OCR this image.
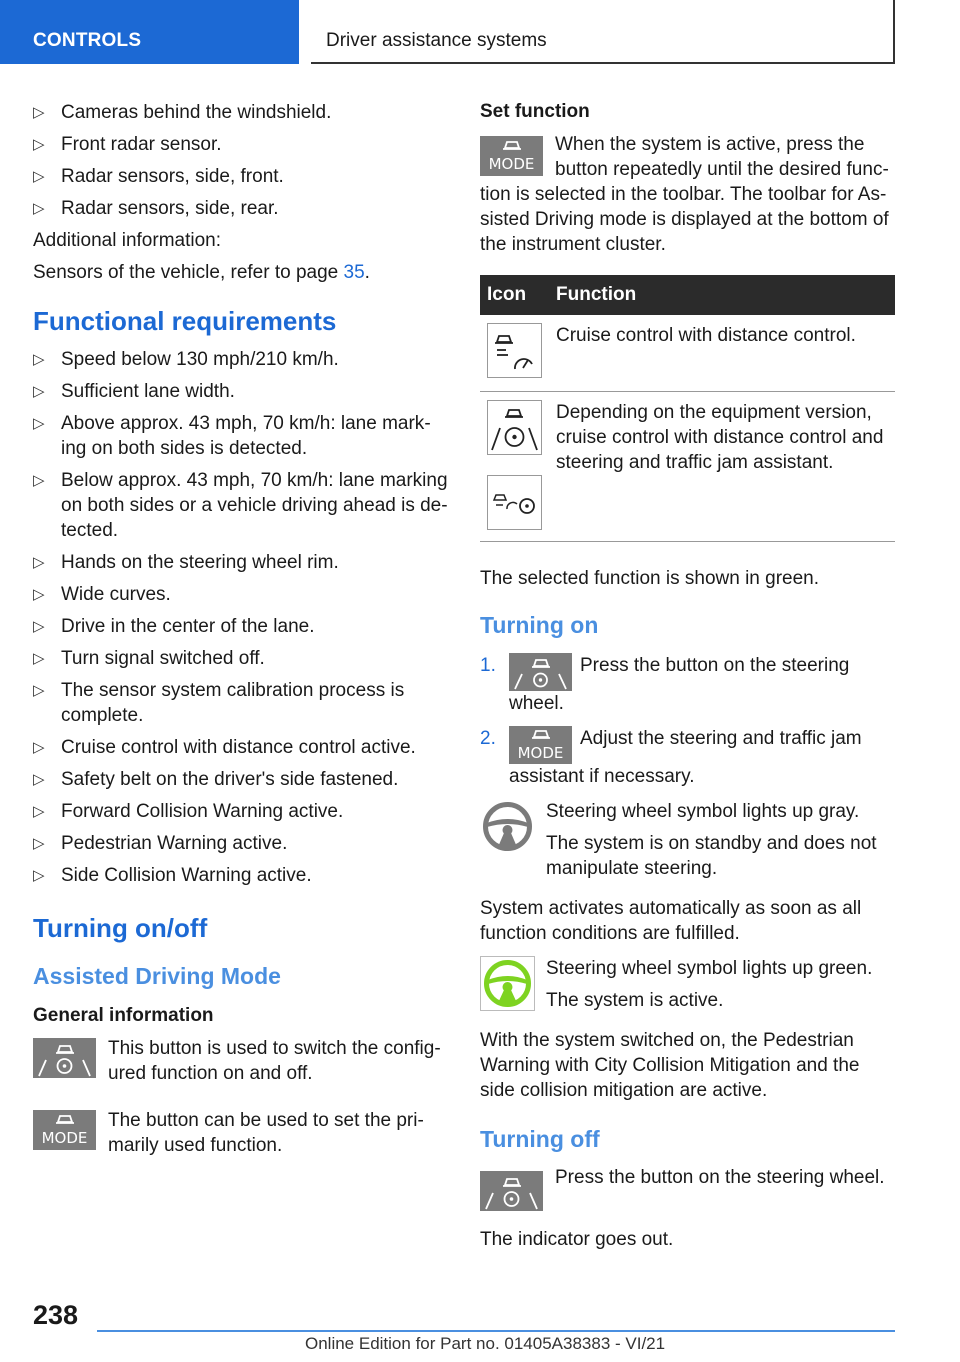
CONTROLS	Driver assistance systems
▷ Cameras behind the windshield.
▷ Front radar sensor.
▷ Radar sensors, side, front.
▷ Radar sensors, side, rear.

Additional information:

Sensors of the vehicle, refer to page 35.

Functional requirements
▷ Speed below 130 mph/210 km/h.
▷ Sufficient lane width.
▷ Above approx. 43 mph, 70 km/h: lane marking on both sides is detected.
▷ Below approx. 43 mph, 70 km/h: lane marking on both sides or a vehicle driving ahead is detected.
▷ Hands on the steering wheel rim.
▷ Wide curves.
▷ Drive in the center of the lane.
▷ Turn signal switched off.
▷ The sensor system calibration process is complete.
▷ Cruise control with distance control active.
▷ Safety belt on the driver's side fastened.
▷ Forward Collision Warning active.
▷ Pedestrian Warning active.
▷ Side Collision Warning active.
Turning on/off
Assisted Driving Mode
General information

This button is used to switch the configured function on and off.

MODE

The button can be used to set the primarily used function.

Set function
MODE

When the system is active, press the button repeatedly until the desired function is selected in the toolbar. The toolbar for Assisted Driving mode is displayed at the bottom of the instrument cluster.

Icon	Function

	Cruise control with distance control.

	Depending on the equipment version, cruise control with distance control and steering and traffic jam assistant.

The selected function is shown in green.

Turning on
1.	Press the button on the steering wheel.
2.
MODE
Adjust the steering and traffic jam assistant if necessary.

Steering wheel symbol lights up gray.

The system is on standby and does not manipulate steering.

System activates automatically as soon as all function conditions are fulfilled.

Steering wheel symbol lights up green.

The system is active.

With the system switched on, the Pedestrian Warning with City Collision Mitigation and the side collision mitigation are active.

Turning off

Press the button on the steering wheel.

The indicator goes out.

238
Online Edition for Part no. 01405A38383 - VI/21
